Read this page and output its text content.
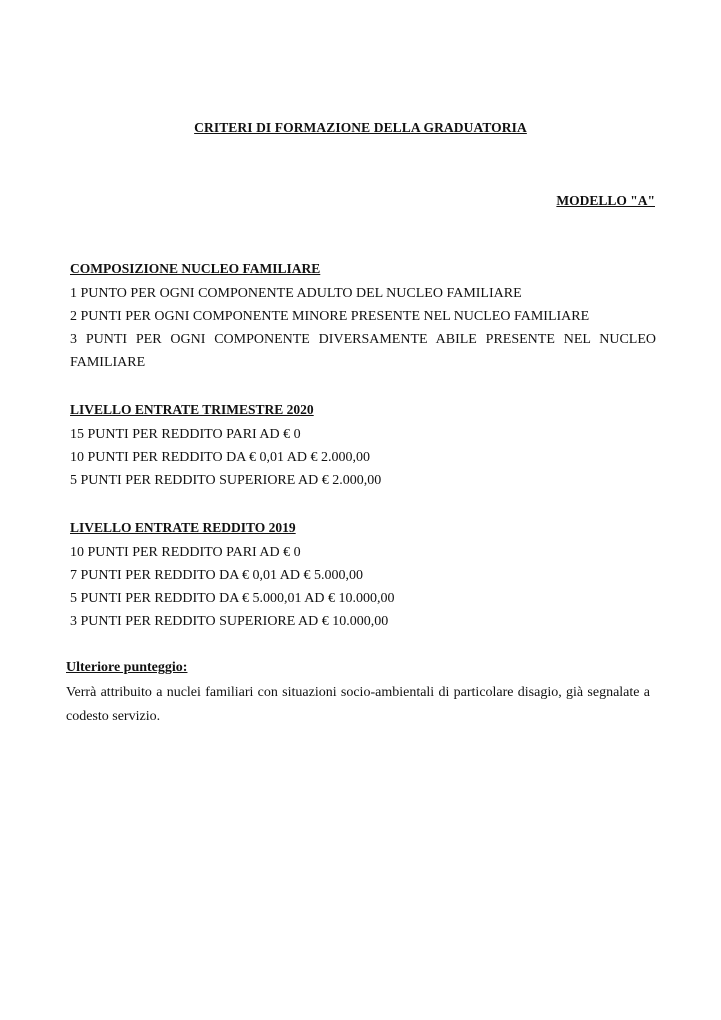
CRITERI DI FORMAZIONE DELLA GRADUATORIA
MODELLO "A"
COMPOSIZIONE NUCLEO FAMILIARE
1 PUNTO PER OGNI COMPONENTE ADULTO DEL NUCLEO FAMILIARE
2 PUNTI PER OGNI COMPONENTE MINORE PRESENTE NEL NUCLEO FAMILIARE
3 PUNTI PER OGNI COMPONENTE DIVERSAMENTE ABILE PRESENTE NEL NUCLEO FAMILIARE
LIVELLO ENTRATE TRIMESTRE 2020
15 PUNTI PER REDDITO PARI AD € 0
10 PUNTI PER REDDITO DA € 0,01 AD € 2.000,00
5 PUNTI PER REDDITO SUPERIORE AD € 2.000,00
LIVELLO ENTRATE REDDITO 2019
10 PUNTI PER REDDITO PARI AD € 0
7 PUNTI PER REDDITO DA € 0,01 AD € 5.000,00
5 PUNTI PER REDDITO DA € 5.000,01 AD € 10.000,00
3 PUNTI PER REDDITO SUPERIORE AD € 10.000,00
Ulteriore punteggio:
Verrà attribuito a nuclei familiari con situazioni socio-ambientali di particolare disagio, già segnalate a codesto servizio.
